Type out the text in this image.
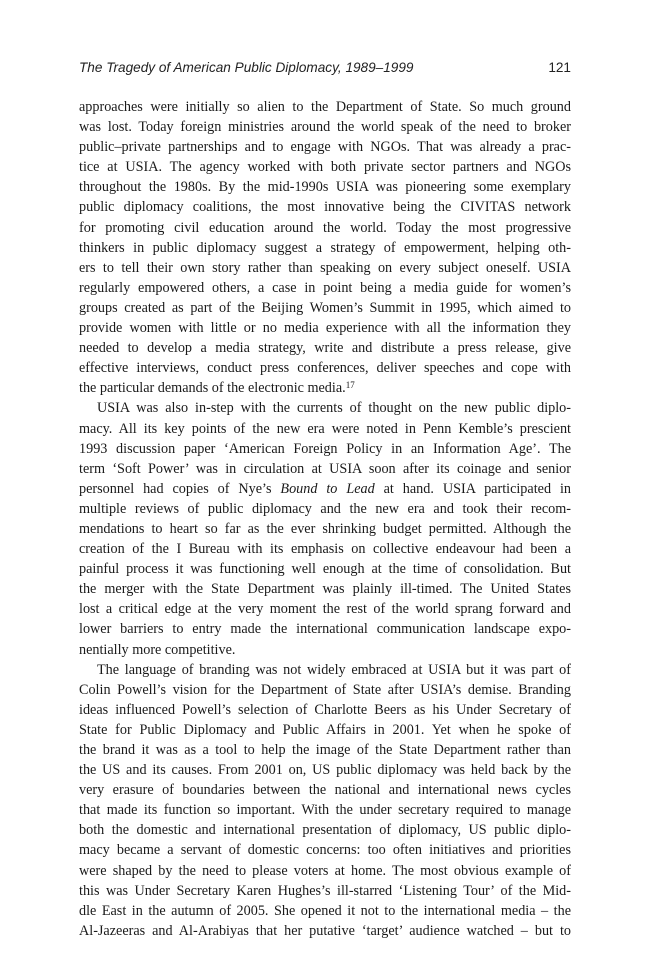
The Tragedy of American Public Diplomacy, 1989–1999	121
approaches were initially so alien to the Department of State. So much ground
was lost. Today foreign ministries around the world speak of the need to broker
public–private partnerships and to engage with NGOs. That was already a prac-
tice at USIA. The agency worked with both private sector partners and NGOs
throughout the 1980s. By the mid-1990s USIA was pioneering some exemplary
public diplomacy coalitions, the most innovative being the CIVITAS network
for promoting civil education around the world. Today the most progressive
thinkers in public diplomacy suggest a strategy of empowerment, helping oth-
ers to tell their own story rather than speaking on every subject oneself. USIA
regularly empowered others, a case in point being a media guide for women’s
groups created as part of the Beijing Women’s Summit in 1995, which aimed to
provide women with little or no media experience with all the information they
needed to develop a media strategy, write and distribute a press release, give
effective interviews, conduct press conferences, deliver speeches and cope with
the particular demands of the electronic media.$^{17}$
USIA was also in-step with the currents of thought on the new public diplo-
macy. All its key points of the new era were noted in Penn Kemble’s prescient
1993 discussion paper ‘American Foreign Policy in an Information Age’. The
term ‘Soft Power’ was in circulation at USIA soon after its coinage and senior
personnel had copies of Nye’s Bound to Lead at hand. USIA participated in
multiple reviews of public diplomacy and the new era and took their recom-
mendations to heart so far as the ever shrinking budget permitted. Although the
creation of the I Bureau with its emphasis on collective endeavour had been a
painful process it was functioning well enough at the time of consolidation. But
the merger with the State Department was plainly ill-timed. The United States
lost a critical edge at the very moment the rest of the world sprang forward and
lower barriers to entry made the international communication landscape expo-
nentially more competitive.
The language of branding was not widely embraced at USIA but it was part of
Colin Powell’s vision for the Department of State after USIA’s demise. Branding
ideas influenced Powell’s selection of Charlotte Beers as his Under Secretary of
State for Public Diplomacy and Public Affairs in 2001. Yet when he spoke of
the brand it was as a tool to help the image of the State Department rather than
the US and its causes. From 2001 on, US public diplomacy was held back by the
very erasure of boundaries between the national and international news cycles
that made its function so important. With the under secretary required to manage
both the domestic and international presentation of diplomacy, US public diplo-
macy became a servant of domestic concerns: too often initiatives and priorities
were shaped by the need to please voters at home. The most obvious example of
this was Under Secretary Karen Hughes’s ill-starred ‘Listening Tour’ of the Mid-
dle East in the autumn of 2005. She opened it not to the international media – the
Al-Jazeeras and Al-Arabiyas that her putative ‘target’ audience watched – but to
